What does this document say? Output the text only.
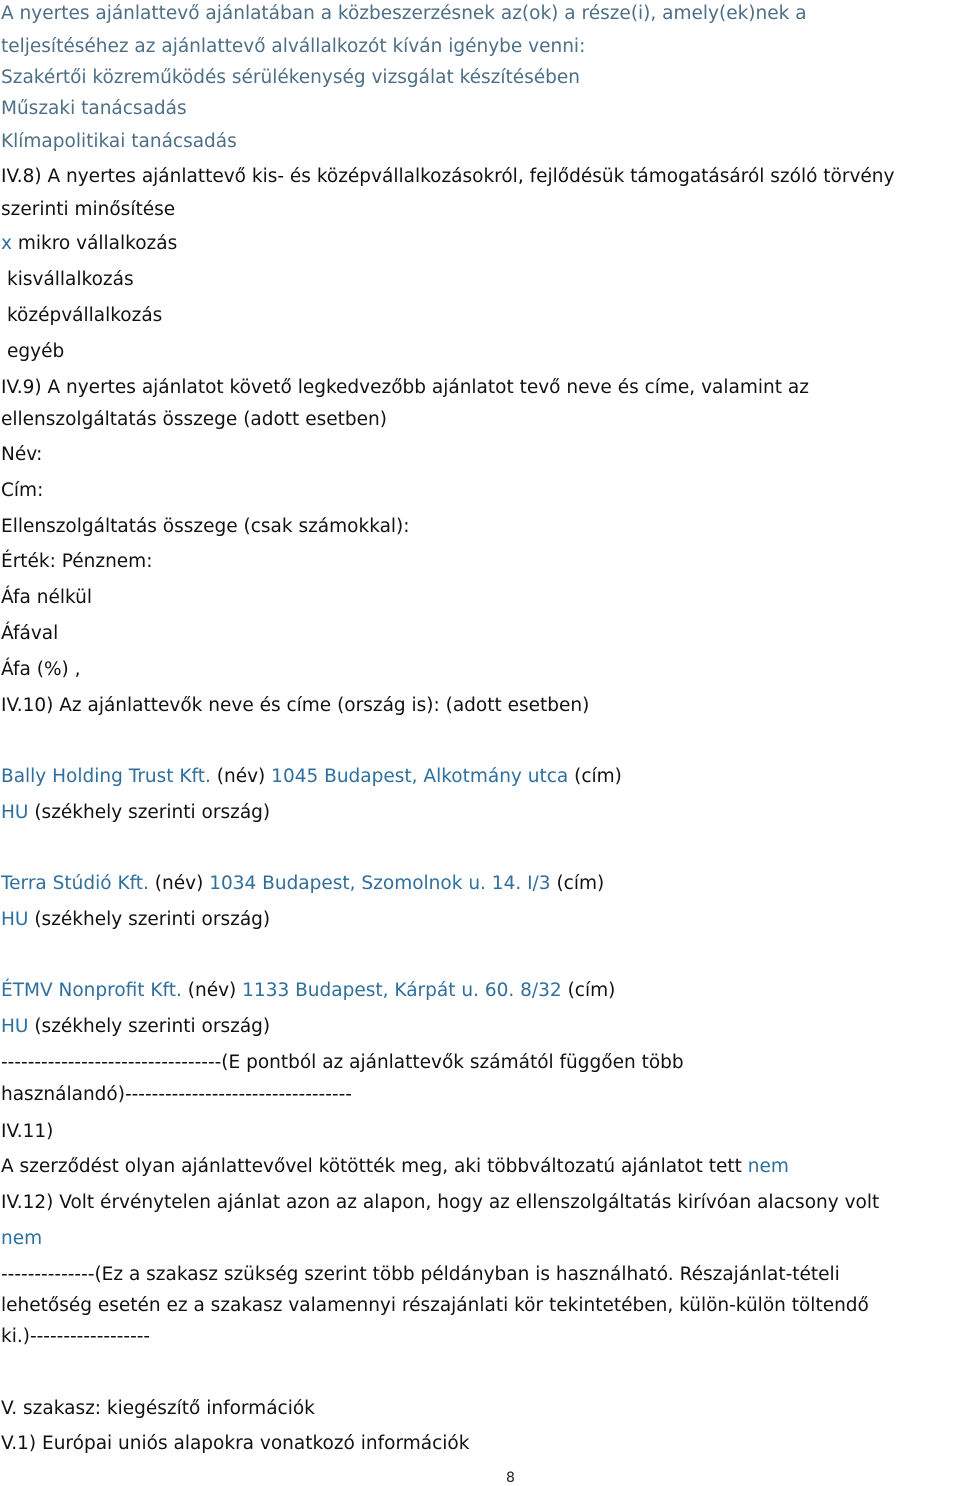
A nyertes ajánlattevő ajánlatában a közbeszerzésnek az(ok) a része(i), amely(ek)nek a
teljesítéséhez az ajánlattevő alvállalkozót kíván igénybe venni:
Szakértői közreműködés sérülékenység vizsgálat készítésében
Műszaki tanácsadás
Klímapolitikai tanácsadás
IV.8) A nyertes ajánlattevő kis- és középvállalkozásokról, fejlődésük támogatásáról szóló törvény
szerinti minősítése
x mikro vállalkozás
kisvállalkozás
középvállalkozás
egyéb
IV.9) A nyertes ajánlatot követő legkedvezőbb ajánlatot tevő neve és címe, valamint az
ellenszolgáltatás összege (adott esetben)
Név:
Cím:
Ellenszolgáltatás összege (csak számokkal):
Érték: Pénznem:
Áfa nélkül
Áfával
Áfa (%) ,
IV.10) Az ajánlattevők neve és címe (ország is): (adott esetben)
Bally Holding Trust Kft. (név) 1045 Budapest, Alkotmány utca (cím)
HU (székhely szerinti ország)
Terra Stúdió Kft. (név) 1034 Budapest, Szomolnok u. 14. I/3 (cím)
HU (székhely szerinti ország)
ÉTMV Nonprofit Kft. (név) 1133 Budapest, Kárpát u. 60. 8/32 (cím)
HU (székhely szerinti ország)
---------------------------------(E pontból az ajánlattevők számától függően több
használandó)----------------------------------
IV.11)
A szerződést olyan ajánlattevővel kötötték meg, aki többváltozatú ajánlatot tett nem
IV.12) Volt érvénytelen ajánlat azon az alapon, hogy az ellenszolgáltatás kirívóan alacsony volt
nem
--------------(Ez a szakasz szükség szerint több példányban is használható. Részajánlat-tételi
lehetőség esetén ez a szakasz valamennyi részajánlati kör tekintetében, külön-külön töltendő
ki.)------------------
V. szakasz: kiegészítő információk
V.1) Európai uniós alapokra vonatkozó információk
8
